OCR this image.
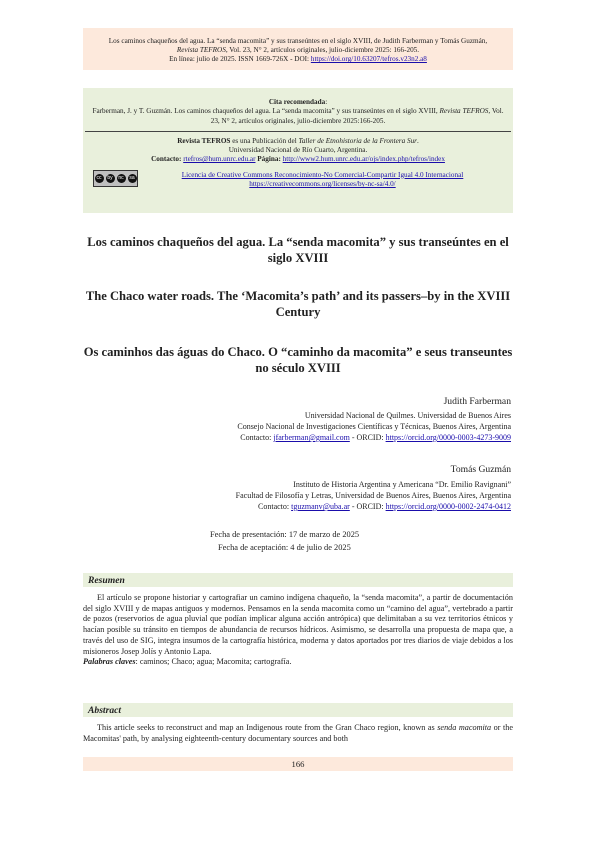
Los caminos chaqueños del agua. La “senda macomita” y sus transeúntes en el siglo XVIII, de Judith Farberman y Tomás Guzmán,
Revista TEFROS, Vol. 23, N° 2, artículos originales, julio-diciembre 2025: 166-205.
En línea: julio de 2025. ISSN 1669-726X - DOI: https://doi.org/10.63207/tefros.v23n2.a8
Cita recomendada:
Farberman, J. y T. Guzmán. Los caminos chaqueños del agua. La “senda macomita” y sus transeúntes en el siglo XVIII, Revista TEFROS, Vol. 23, N° 2, artículos originales, julio-diciembre 2025:166-205.
Revista TEFROS es una Publicación del Taller de Etnohistoria de la Frontera Sur.
Universidad Nacional de Río Cuarto, Argentina.
Contacto: rtefros@hum.unrc.edu.ar Página: http://www2.hum.unrc.edu.ar/ojs/index.php/tefros/index
cc	by	nc	sa	Licencia de Creative Commons Reconocimiento-No Comercial-Compartir Igual 4.0 Internacional
https://creativecommons.org/licenses/by-nc-sa/4.0/
Los caminos chaqueños del agua. La “senda macomita” y sus transeúntes en el siglo XVIII
The Chaco water roads. The ‘Macomita’s path’ and its passers–by in the XVIII Century
Os caminhos das águas do Chaco. O “caminho da macomita” e seus transeuntes no século XVIII
Judith Farberman
Universidad Nacional de Quilmes. Universidad de Buenos Aires
Consejo Nacional de Investigaciones Científicas y Técnicas, Buenos Aires, Argentina
Contacto: jfarberman@gmail.com - ORCID: https://orcid.org/0000-0003-4273-9009
Tomás Guzmán
Instituto de Historia Argentina y Americana “Dr. Emilio Ravignani”
Facultad de Filosofía y Letras, Universidad de Buenos Aires, Buenos Aires, Argentina
Contacto: tguzmanv@uba.ar - ORCID: https://orcid.org/0000-0002-2474-0412
Fecha de presentación: 17 de marzo de 2025
Fecha de aceptación: 4 de julio de 2025
Resumen

El artículo se propone historiar y cartografiar un camino indígena chaqueño, la “senda macomita”, a partir de documentación del siglo XVIII y de mapas antiguos y modernos. Pensamos en la senda macomita como un “camino del agua”, vertebrado a partir de pozos (reservorios de agua pluvial que podían implicar alguna acción antrópica) que delimitaban a su vez territorios étnicos y hacían posible su tránsito en tiempos de abundancia de recursos hídricos. Asimismo, se desarrolla una propuesta de mapa que, a través del uso de SIG, integra insumos de la cartografía histórica, moderna y datos aportados por tres diarios de viaje debidos a los misioneros Josep Jolís y Antonio Lapa.

Palabras claves: caminos; Chaco; agua; Macomita; cartografía.
Abstract

This article seeks to reconstruct and map an Indigenous route from the Gran Chaco region, known as senda macomita or the Macomitas' path, by analysing eighteenth-century documentary sources and both

166
